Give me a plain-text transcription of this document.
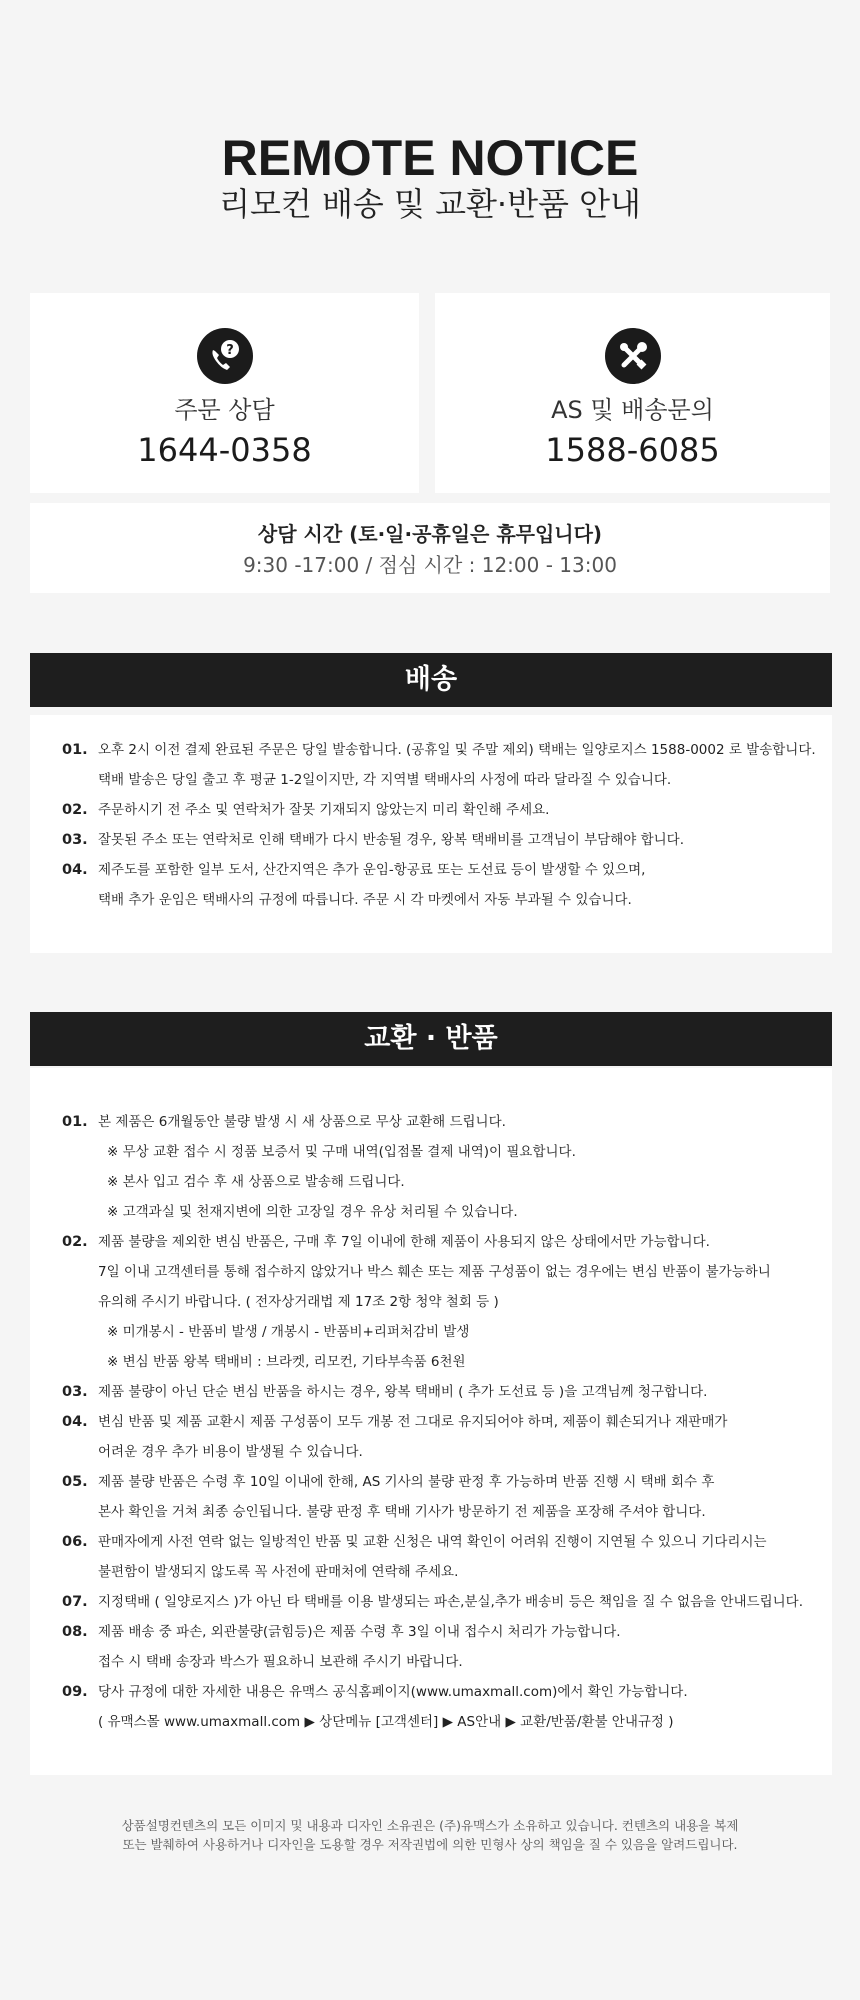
REMOTE NOTICE
리모컨 배송 및 교환·반품 안내
?
주문 상담
1644-0358
AS 및 배송문의
1588-6085
상담 시간 (토·일·공휴일은 휴무입니다)
9:30 -17:00 / 점심 시간 : 12:00 - 13:00
배송
01. 오후 2시 이전 결제 완료된 주문은 당일 발송합니다. (공휴일 및 주말 제외) 택배는 일양로지스 1588-0002 로 발송합니다.
택배 발송은 당일 출고 후 평균 1-2일이지만, 각 지역별 택배사의 사정에 따라 달라질 수 있습니다.
02. 주문하시기 전 주소 및 연락처가 잘못 기재되지 않았는지 미리 확인해 주세요.
03. 잘못된 주소 또는 연락처로 인해 택배가 다시 반송될 경우, 왕복 택배비를 고객님이 부담해야 합니다.
04. 제주도를 포함한 일부 도서, 산간지역은 추가 운임-항공료 또는 도선료 등이 발생할 수 있으며,
택배 추가 운임은 택배사의 규정에 따릅니다. 주문 시 각 마켓에서 자동 부과될 수 있습니다.
교환 · 반품
01. 본 제품은 6개월동안 불량 발생 시 새 상품으로 무상 교환해 드립니다.
※ 무상 교환 접수 시 정품 보증서 및 구매 내역(입점몰 결제 내역)이 필요합니다.
※ 본사 입고 검수 후 새 상품으로 발송해 드립니다.
※ 고객과실 및 천재지변에 의한 고장일 경우 유상 처리될 수 있습니다.
02. 제품 불량을 제외한 변심 반품은, 구매 후 7일 이내에 한해 제품이 사용되지 않은 상태에서만 가능합니다.
7일 이내 고객센터를 통해 접수하지 않았거나 박스 훼손 또는 제품 구성품이 없는 경우에는 변심 반품이 불가능하니
유의해 주시기 바랍니다. ( 전자상거래법 제 17조 2항 청약 철회 등 )
※ 미개봉시 - 반품비 발생 / 개봉시 - 반품비+리퍼처감비 발생
※ 변심 반품 왕복 택배비 : 브라켓, 리모컨, 기타부속품 6천원
03. 제품 불량이 아닌 단순 변심 반품을 하시는 경우, 왕복 택배비 ( 추가 도선료 등 )을 고객님께 청구합니다.
04. 변심 반품 및 제품 교환시 제품 구성품이 모두 개봉 전 그대로 유지되어야 하며, 제품이 훼손되거나 재판매가
어려운 경우 추가 비용이 발생될 수 있습니다.
05. 제품 불량 반품은 수령 후 10일 이내에 한해, AS 기사의 불량 판정 후 가능하며 반품 진행 시 택배 회수 후
본사 확인을 거쳐 최종 승인됩니다. 불량 판정 후 택배 기사가 방문하기 전 제품을 포장해 주셔야 합니다.
06. 판매자에게 사전 연락 없는 일방적인 반품 및 교환 신청은 내역 확인이 어려워 진행이 지연될 수 있으니 기다리시는
불편함이 발생되지 않도록 꼭 사전에 판매처에 연락해 주세요.
07. 지정택배 ( 일양로지스 )가 아닌 타 택배를 이용 발생되는 파손,분실,추가 배송비 등은 책임을 질 수 없음을 안내드립니다.
08. 제품 배송 중 파손, 외관불량(긁힘등)은 제품 수령 후 3일 이내 접수시 처리가 가능합니다.
접수 시 택배 송장과 박스가 필요하니 보관해 주시기 바랍니다.
09. 당사 규정에 대한 자세한 내용은 유맥스 공식홈페이지(www.umaxmall.com)에서 확인 가능합니다.
( 유맥스몰 www.umaxmall.com ▶ 상단메뉴 [고객센터] ▶ AS안내 ▶ 교환/반품/환불 안내규정 )
상품설명컨텐츠의 모든 이미지 및 내용과 디자인 소유권은 (주)유맥스가 소유하고 있습니다. 컨텐츠의 내용을 복제
또는 발췌하여 사용하거나 디자인을 도용할 경우 저작권법에 의한 민형사 상의 책임을 질 수 있음을 알려드립니다.
